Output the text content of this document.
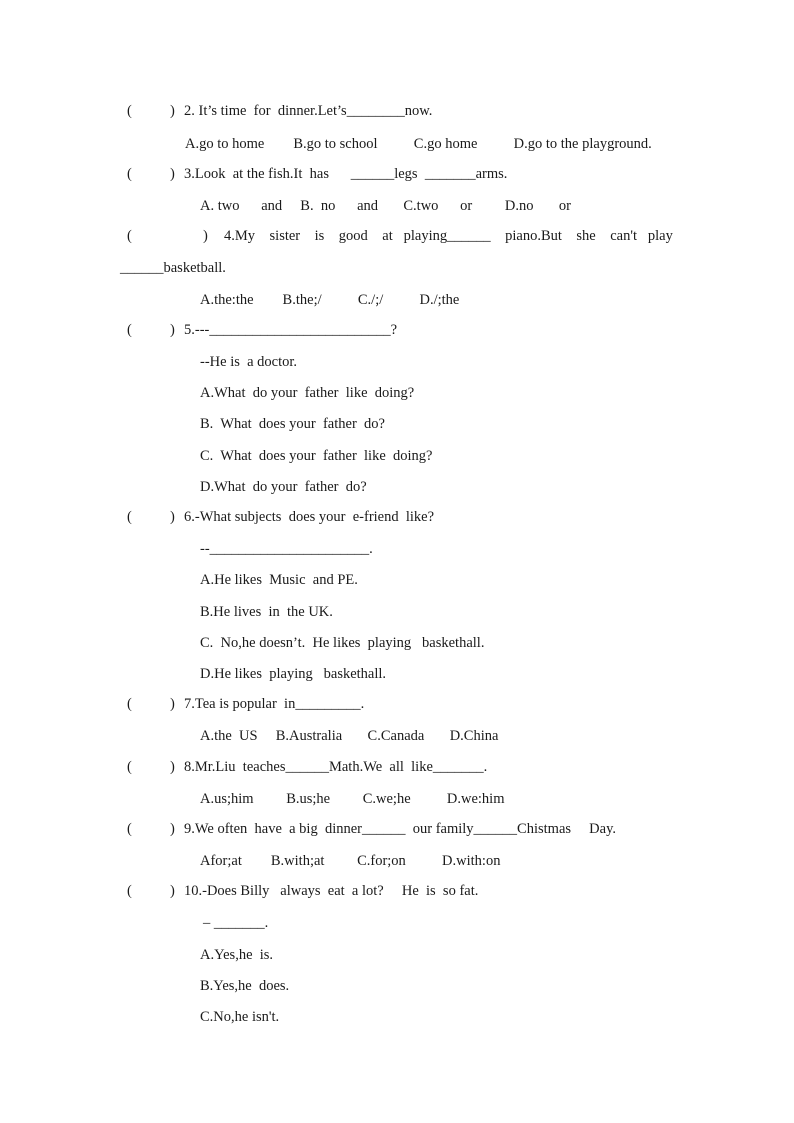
(	) 2. It’s time  for  dinner.Let’s________now.
A.go to home        B.go to school          C.go home          D.go to the playground.
(	) 3.Look  at the fish.It  has      ______legs  _______arms.
A. two      and     B.  no      and       C.two      or         D.no       or
(	) 4.My    sister    is    good    at   playing______    piano.But    she    can't   play
______basketball.
A.the:the        B.the;/          C./;/          D./;the
(	) 5.---_________________________?
--He is  a doctor.
A.What  do your  father  like  doing?
B.  What  does your  father  do?
C.  What  does your  father  like  doing?
D.What  do your  father  do?
(	) 6.-What subjects  does your  e-friend  like?
--______________________.
A.He likes  Music  and PE.
B.He lives  in  the UK.
C.  No,he doesn’t.  He likes  playing   baskethall.
D.He likes  playing   baskethall.
(	) 7.Tea is popular  in_________.
A.the  US     B.Australia       C.Canada       D.China
(	) 8.Mr.Liu  teaches______Math.We  all  like_______.
A.us;him         B.us;he         C.we;he          D.we:him
(	) 9.We often  have  a big  dinner______  our family______Chistmas     Day.
Afor;at        B.with;at         C.for;on          D.with:on
(	) 10.-Does Billy   always  eat  a lot?     He  is  so fat.
– _______.
A.Yes,he  is.
B.Yes,he  does.
C.No,he isn't.
